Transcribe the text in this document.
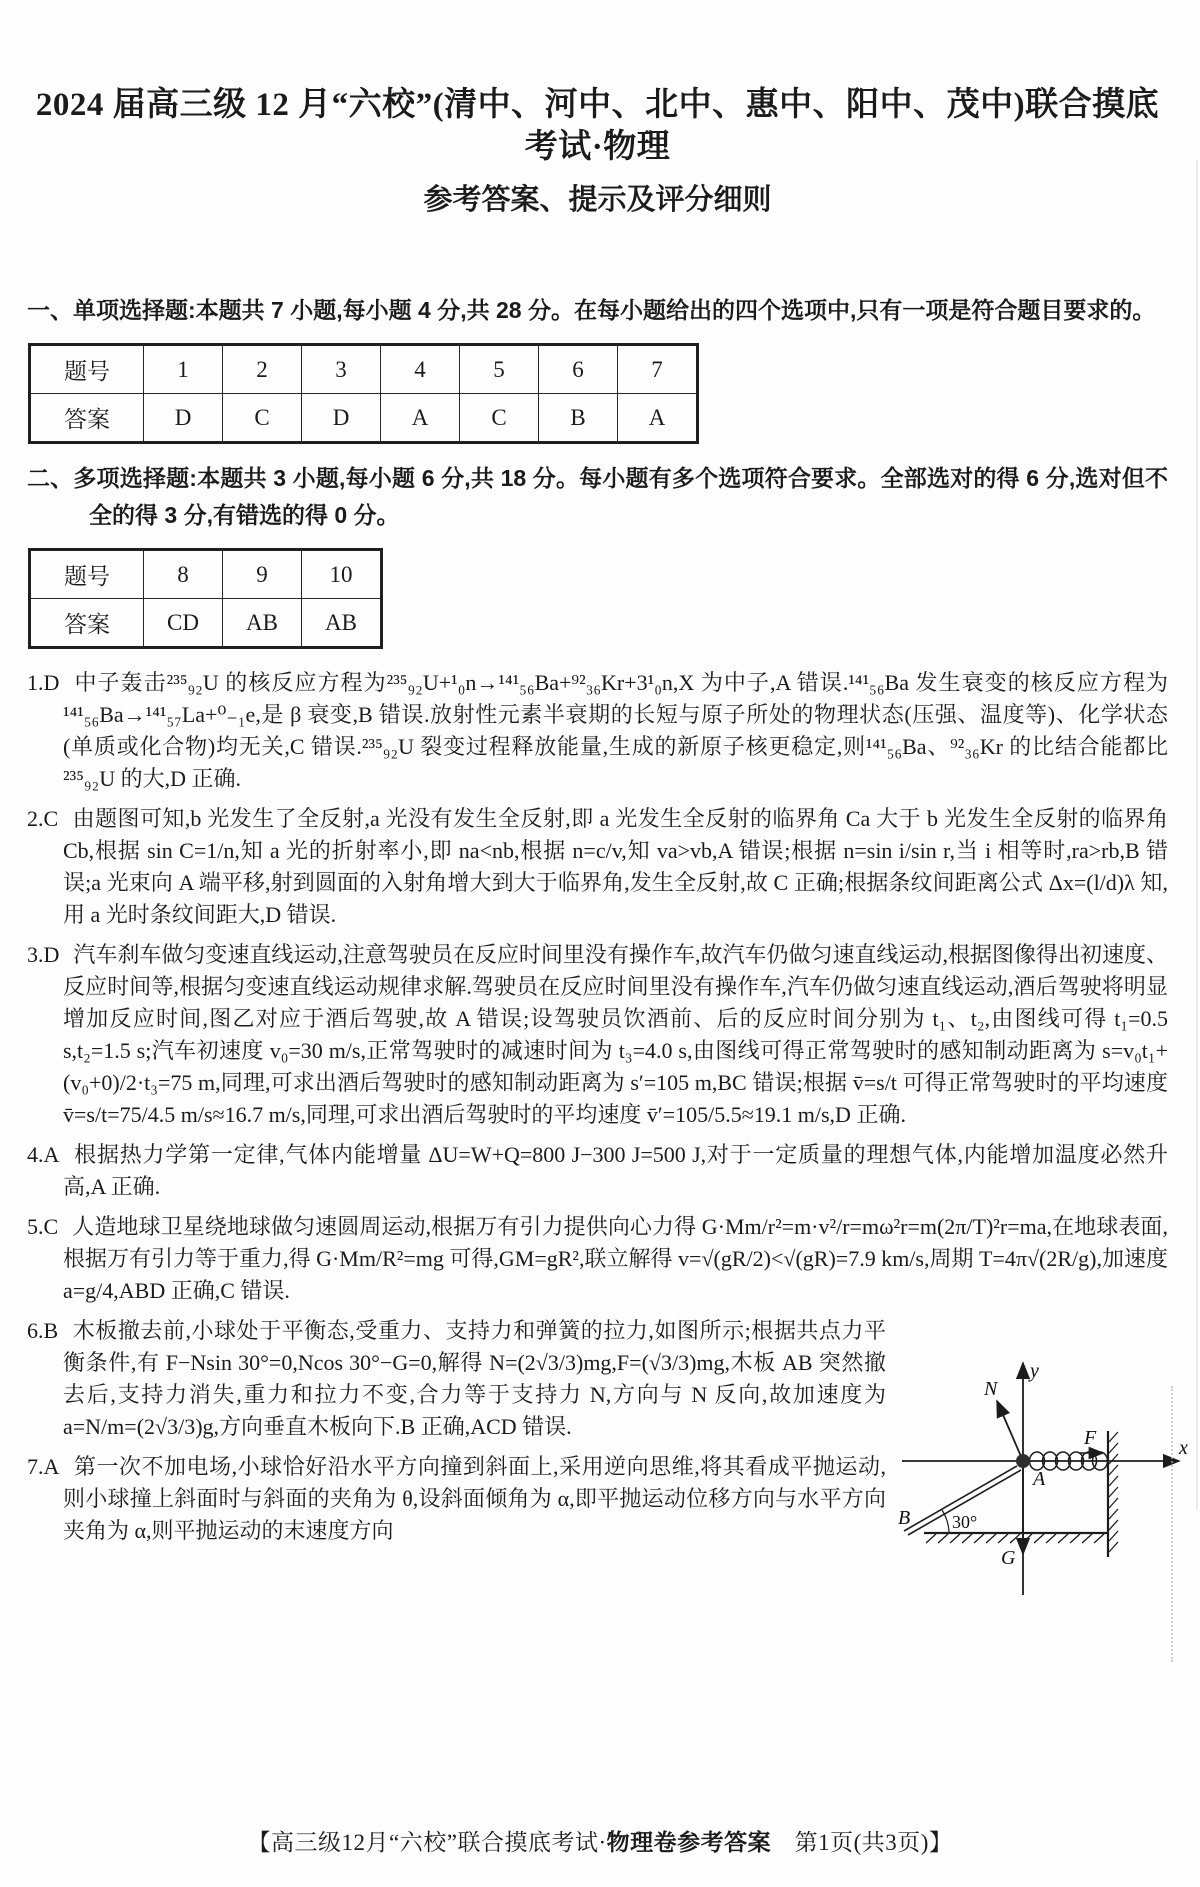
2024 届高三级 12 月“六校”(清中、河中、北中、惠中、阳中、茂中)联合摸底考试·物理
参考答案、提示及评分细则
一、单项选择题:本题共 7 小题,每小题 4 分,共 28 分。在每小题给出的四个选项中,只有一项是符合题目要求的。
题号	1	2	3	4	5	6	7
答案	D	C	D	A	C	B	A
二、多项选择题:本题共 3 小题,每小题 6 分,共 18 分。每小题有多个选项符合要求。全部选对的得 6 分,选对但不全的得 3 分,有错选的得 0 分。
题号	8	9	10
答案	CD	AB	AB

1.D 中子轰击²³⁵₉₂U 的核反应方程为²³⁵₉₂U+¹₀n→¹⁴¹₅₆Ba+⁹²₃₆Kr+3¹₀n,X 为中子,A 错误.¹⁴¹₅₆Ba 发生衰变的核反应方程为¹⁴¹₅₆Ba→¹⁴¹₅₇La+⁰₋₁e,是 β 衰变,B 错误.放射性元素半衰期的长短与原子所处的物理状态(压强、温度等)、化学状态(单质或化合物)均无关,C 错误.²³⁵₉₂U 裂变过程释放能量,生成的新原子核更稳定,则¹⁴¹₅₆Ba、⁹²₃₆Kr 的比结合能都比²³⁵₉₂U 的大,D 正确.

2.C 由题图可知,b 光发生了全反射,a 光没有发生全反射,即 a 光发生全反射的临界角 Ca 大于 b 光发生全反射的临界角 Cb,根据 sin C=1/n,知 a 光的折射率小,即 na<nb,根据 n=c/v,知 va>vb,A 错误;根据 n=sin i/sin r,当 i 相等时,ra>rb,B 错误;a 光束向 A 端平移,射到圆面的入射角增大到大于临界角,发生全反射,故 C 正确;根据条纹间距离公式 Δx=(l/d)λ 知,用 a 光时条纹间距大,D 错误.

3.D 汽车刹车做匀变速直线运动,注意驾驶员在反应时间里没有操作车,故汽车仍做匀速直线运动,根据图像得出初速度、反应时间等,根据匀变速直线运动规律求解.驾驶员在反应时间里没有操作车,汽车仍做匀速直线运动,酒后驾驶将明显增加反应时间,图乙对应于酒后驾驶,故 A 错误;设驾驶员饮酒前、后的反应时间分别为 t₁、t₂,由图线可得 t₁=0.5 s,t₂=1.5 s;汽车初速度 v₀=30 m/s,正常驾驶时的减速时间为 t₃=4.0 s,由图线可得正常驾驶时的感知制动距离为 s=v₀t₁+(v₀+0)/2·t₃=75 m,同理,可求出酒后驾驶时的感知制动距离为 s′=105 m,BC 错误;根据 v̄=s/t 可得正常驾驶时的平均速度 v̄=s/t=75/4.5 m/s≈16.7 m/s,同理,可求出酒后驾驶时的平均速度 v̄′=105/5.5≈19.1 m/s,D 正确.

4.A 根据热力学第一定律,气体内能增量 ΔU=W+Q=800 J−300 J=500 J,对于一定质量的理想气体,内能增加温度必然升高,A 正确.

5.C 人造地球卫星绕地球做匀速圆周运动,根据万有引力提供向心力得 G·Mm/r²=m·v²/r=mω²r=m(2π/T)²r=ma,在地球表面,根据万有引力等于重力,得 G·Mm/R²=mg 可得,GM=gR²,联立解得 v=√(gR/2)<√(gR)=7.9 km/s,周期 T=4π√(2R/g),加速度 a=g/4,ABD 正确,C 错误.

y
x
30°
B
N
F
G
A

6.B 木板撤去前,小球处于平衡态,受重力、支持力和弹簧的拉力,如图所示;根据共点力平衡条件,有 F−Nsin 30°=0,Ncos 30°−G=0,解得 N=(2√3/3)mg,F=(√3/3)mg,木板 AB 突然撤去后,支持力消失,重力和拉力不变,合力等于支持力 N,方向与 N 反向,故加速度为 a=N/m=(2√3/3)g,方向垂直木板向下.B 正确,ACD 错误.

7.A 第一次不加电场,小球恰好沿水平方向撞到斜面上,采用逆向思维,将其看成平抛运动,则小球撞上斜面时与斜面的夹角为 θ,设斜面倾角为 α,即平抛运动位移方向与水平方向夹角为 α,则平抛运动的末速度方向

【高三级12月“六校”联合摸底考试·物理卷参考答案　第1页(共3页)】
